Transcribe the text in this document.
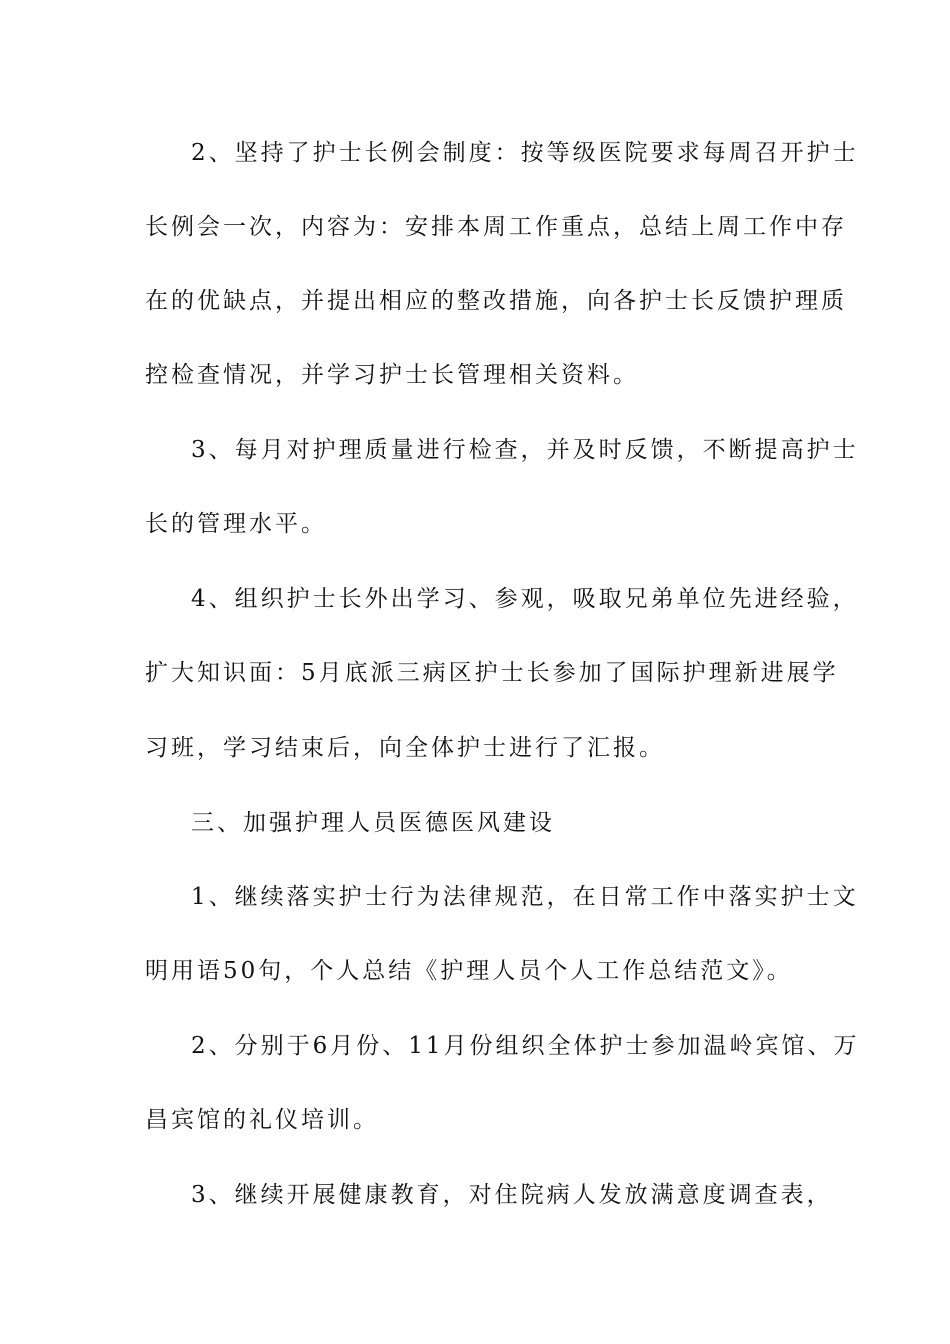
2、坚持了护士长例会制度：按等级医院要求每周召开护士
长例会一次，内容为：安排本周工作重点，总结上周工作中存
在的优缺点，并提出相应的整改措施，向各护士长反馈护理质
控检查情况，并学习护士长管理相关资料。
3、每月对护理质量进行检查，并及时反馈，不断提高护士
长的管理水平。
4、组织护士长外出学习、参观，吸取兄弟单位先进经验，
扩大知识面：5月底派三病区护士长参加了国际护理新进展学
习班，学习结束后，向全体护士进行了汇报。
三、加强护理人员医德医风建设
1、继续落实护士行为法律规范，在日常工作中落实护士文
明用语50句，个人总结《护理人员个人工作总结范文》。
2、分别于6月份、11月份组织全体护士参加温岭宾馆、万
昌宾馆的礼仪培训。
3、继续开展健康教育，对住院病人发放满意度调查表，
